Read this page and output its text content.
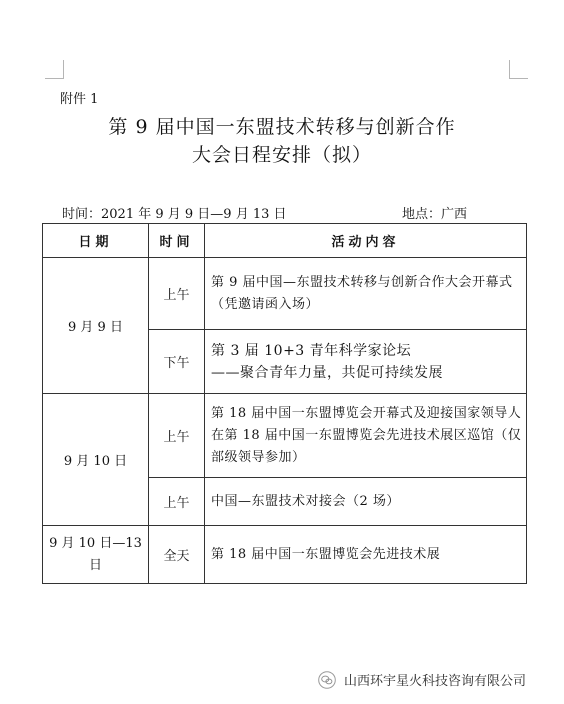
附件 1
第 9 届中国一东盟技术转移与创新合作
大会日程安排（拟）
时间：2021 年 9 月 9 日—9 月 13 日	地点：广西
日期	时间	活动内容
9 月 9 日	上午	第 9 届中国—东盟技术转移与创新合作大会开幕式（凭邀请函入场）
	下午	第 3 届 10+3 青年科学家论坛
——聚合青年力量，共促可持续发展

9 月 10 日	上午	第 18 届中国一东盟博览会开幕式及迎接国家领导人在第 18 届中国一东盟博览会先进技术展区巡馆（仅部级领导参加）
	上午	中国—东盟技术对接会（2 场）
9 月 10 日—13 日	全天	第 18 届中国一东盟博览会先进技术展
山西环宇星火科技咨询有限公司
